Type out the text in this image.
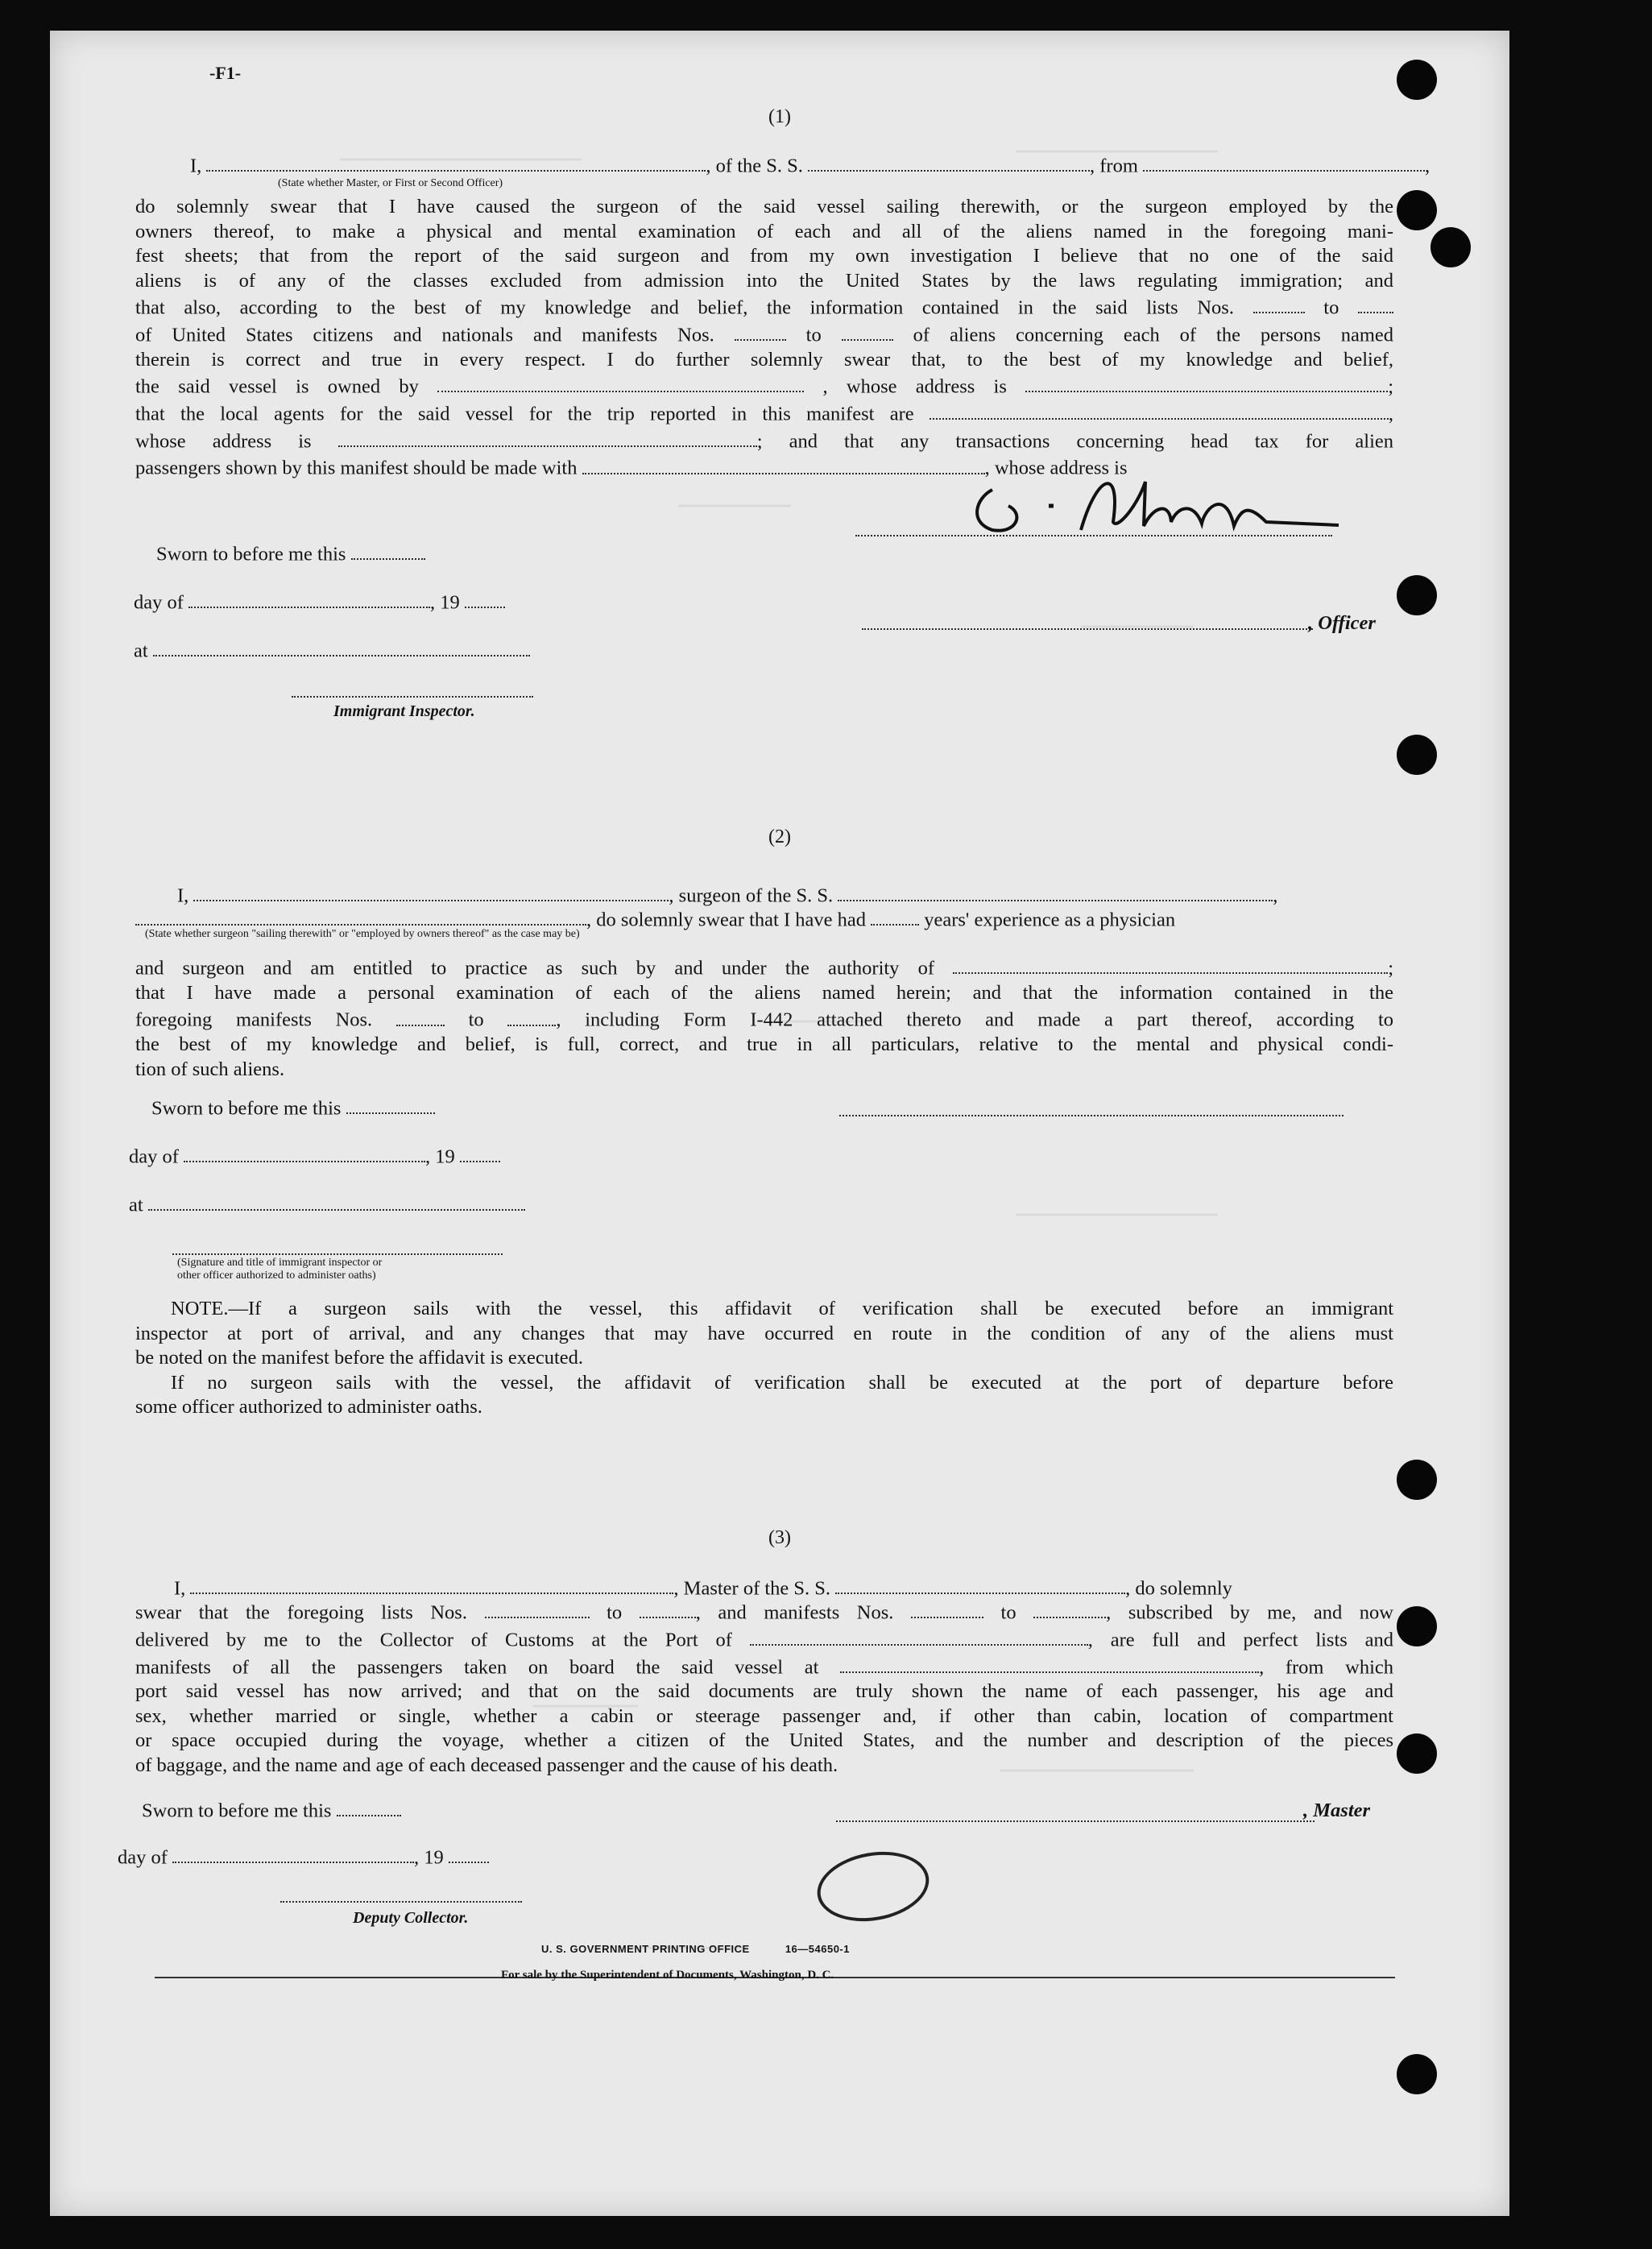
-F1-
(1)
I,	, of the S. S.	, from	,
(State whether Master, or First or Second Officer)
do solemnly swear that I have caused the surgeon of the said vessel sailing therewith, or the surgeon employed by the
owners thereof, to make a physical and mental examination of each and all of the aliens named in the foregoing mani-
fest sheets; that from the report of the said surgeon and from my own investigation I believe that no one of the said
aliens is of any of the classes excluded from admission into the United States by the laws regulating immigration; and
that also, according to the best of my knowledge and belief, the information contained in the said lists Nos.	to
of United States citizens and nationals and manifests Nos.	to	of aliens concerning each of the persons named
therein is correct and true in every respect. I do further solemnly swear that, to the best of my knowledge and belief,
the said vessel is owned by	, whose address is	;
that the local agents for the said vessel for the trip reported in this manifest are	,
whose address is	; and that any transactions concerning head tax for alien
passengers shown by this manifest should be made with	, whose address is
Sworn to before me this
day of	, 19
at
Immigrant Inspector.
, Officer
(2)
I,	, surgeon of the S. S.	,
, do solemnly swear that I have had	years' experience as a physician
(State whether surgeon "sailing therewith" or "employed by owners thereof" as the case may be)
and surgeon and am entitled to practice as such by and under the authority of	;
that I have made a personal examination of each of the aliens named herein; and that the information contained in the
foregoing manifests Nos.	to	, including Form I-442 attached thereto and made a part thereof, according to
the best of my knowledge and belief, is full, correct, and true in all particulars, relative to the mental and physical condi-
tion of such aliens.
Sworn to before me this
day of	, 19
at
(Signature and title of immigrant inspector or
other officer authorized to administer oaths)
NOTE.—If a surgeon sails with the vessel, this affidavit of verification shall be executed before an immigrant
inspector at port of arrival, and any changes that may have occurred en route in the condition of any of the aliens must
be noted on the manifest before the affidavit is executed.
If no surgeon sails with the vessel, the affidavit of verification shall be executed at the port of departure before
some officer authorized to administer oaths.
(3)
I,	, Master of the S. S.	, do solemnly
swear that the foregoing lists Nos.	to	, and manifests Nos.	to	, subscribed by me, and now
delivered by me to the Collector of Customs at the Port of	, are full and perfect lists and
manifests of all the passengers taken on board the said vessel at	, from which
port said vessel has now arrived; and that on the said documents are truly shown the name of each passenger, his age and
sex, whether married or single, whether a cabin or steerage passenger and, if other than cabin, location of compartment
or space occupied during the voyage, whether a citizen of the United States, and the number and description of the pieces
of baggage, and the name and age of each deceased passenger and the cause of his death.
Sworn to before me this	, Master
day of	, 19
Deputy Collector.

U. S. GOVERNMENT PRINTING OFFICE	16—54650-1
For sale by the Superintendent of Documents, Washington, D. C.
